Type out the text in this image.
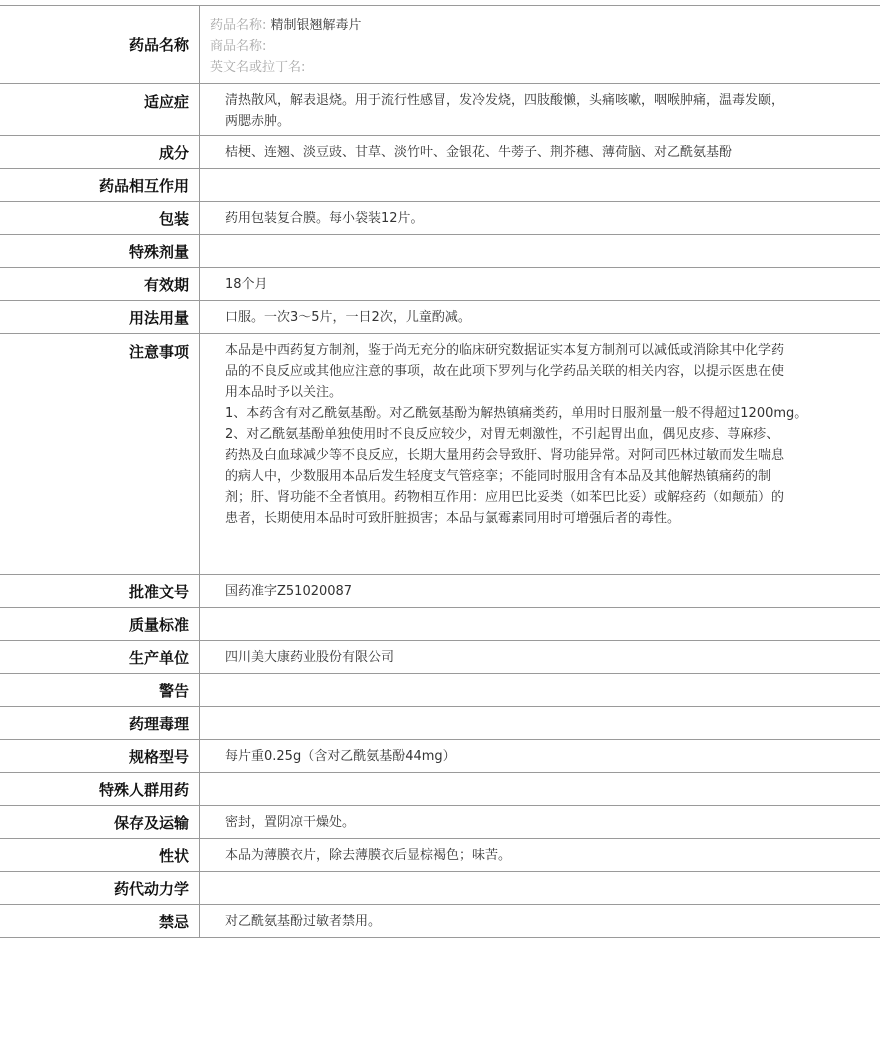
药品名称
药品名称: 精制银翘解毒片
商品名称:
英文名或拉丁名:
适应症	清热散风，解表退烧。用于流行性感冒，发冷发烧，四肢酸懒，头痛咳嗽，咽喉肿痛，温毒发颐，两腮赤肿。

成分	桔梗、连翘、淡豆豉、甘草、淡竹叶、金银花、牛蒡子、荆芥穗、薄荷脑、对乙酰氨基酚

药品相互作用

包装	药用包装复合膜。每小袋装12片。

特殊剂量

有效期	18个月

用法用量	口服。一次3～5片，一日2次，儿童酌减。

注意事项	本品是中西药复方制剂，鉴于尚无充分的临床研究数据证实本复方制剂可以减低或消除其中化学药品的不良反应或其他应注意的事项，故在此项下罗列与化学药品关联的相关内容，以提示医患在使用本品时予以关注。
1、本药含有对乙酰氨基酚。对乙酰氨基酚为解热镇痛类药，单用时日服剂量一般不得超过1200mg。
2、对乙酰氨基酚单独使用时不良反应较少，对胃无刺激性，不引起胃出血，偶见皮疹、荨麻疹、药热及白血球减少等不良反应，长期大量用药会导致肝、肾功能异常。对阿司匹林过敏而发生喘息的病人中，少数服用本品后发生轻度支气管痉挛；不能同时服用含有本品及其他解热镇痛药的制剂；肝、肾功能不全者慎用。药物相互作用：应用巴比妥类（如苯巴比妥）或解痉药（如颠茄）的患者，长期使用本品时可致肝脏损害；本品与氯霉素同用时可增强后者的毒性。
批准文号	国药准字Z51020087

质量标准

生产单位	四川美大康药业股份有限公司

警告

药理毒理

规格型号	每片重0.25g（含对乙酰氨基酚44mg）

特殊人群用药

保存及运输	密封，置阴凉干燥处。

性状	本品为薄膜衣片，除去薄膜衣后显棕褐色；味苦。

药代动力学

禁忌	对乙酰氨基酚过敏者禁用。
